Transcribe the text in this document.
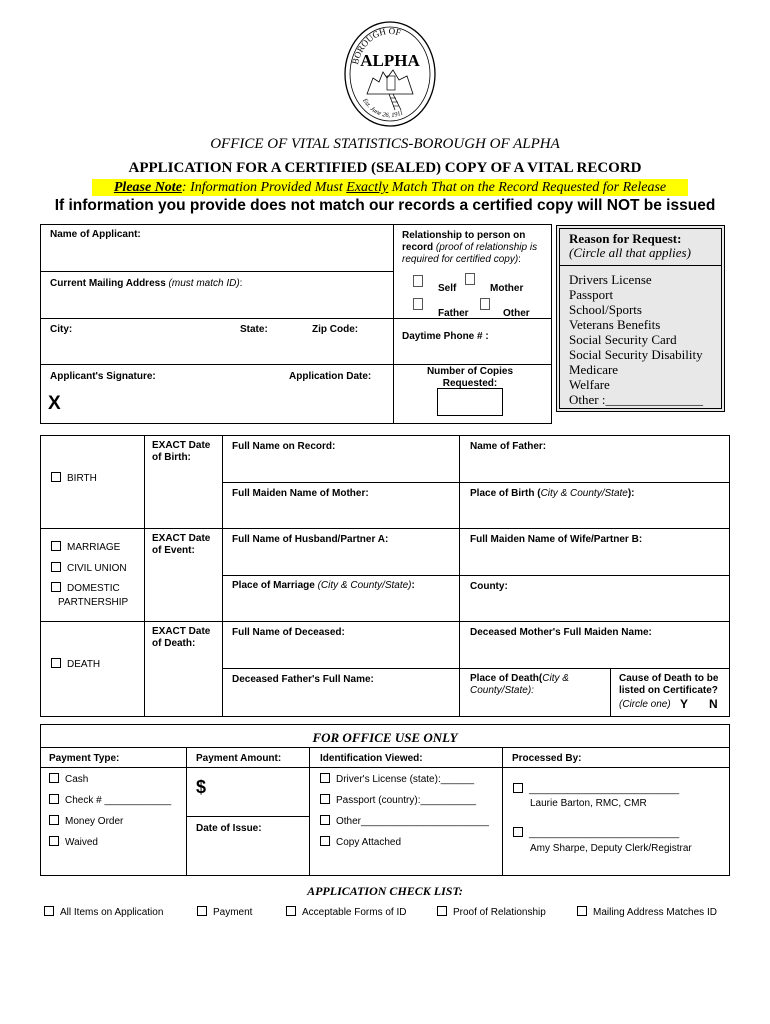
BOROUGH OF
ALPHA
Est. June 26, 1911
OFFICE OF VITAL STATISTICS-BOROUGH OF ALPHA
APPLICATION FOR A CERTIFIED (SEALED) COPY OF A VITAL RECORD
Please Note: Information Provided Must Exactly Match That on the Record Requested for Release
If information you provide does not match our records a certified copy will NOT be issued
Name of Applicant:
Current Mailing Address (must match ID):
City:	State:	Zip Code:
Applicant's Signature:	Application Date:
X
Relationship to person on
record (proof of relationship is required for certified copy):
Self	Mother
Father	Other
Daytime Phone # :
Number of Copies Requested:
Reason for Request:
(Circle all that applies)
Drivers License
Passport
School/Sports
Veterans Benefits
Social Security Card
Social Security Disability
Medicare
Welfare
Other :_______________
BIRTH
EXACT Date of Birth:
Full Name on Record:	Name of Father:
Full Maiden Name of Mother:	Place of Birth (City & County/State):
MARRIAGE
CIVIL UNION
DOMESTIC
PARTNERSHIP
EXACT Date of Event:
Full Name of Husband/Partner A:	Full Maiden Name of Wife/Partner B:
Place of Marriage (City & County/State):	County:
DEATH
EXACT Date of Death:
Full Name of Deceased:	Deceased Mother's Full Maiden Name:
Deceased Father's Full Name:	Place of Death(City & County/State):
Cause of Death to be listed on Certificate?
(Circle one) Y N
FOR OFFICE USE ONLY
Payment Type:
Cash
Check # ____________
Money Order
Waived
Payment Amount:
$
Date of Issue:
Identification Viewed:
Driver's License (state):______
Passport (country):__________
Other_______________________
Copy Attached
Processed By:
___________________________
Laurie Barton, RMC, CMR
___________________________
Amy Sharpe, Deputy Clerk/Registrar
APPLICATION CHECK LIST:
All Items on Application	Payment	Acceptable Forms of ID	Proof of Relationship	Mailing Address Matches ID
